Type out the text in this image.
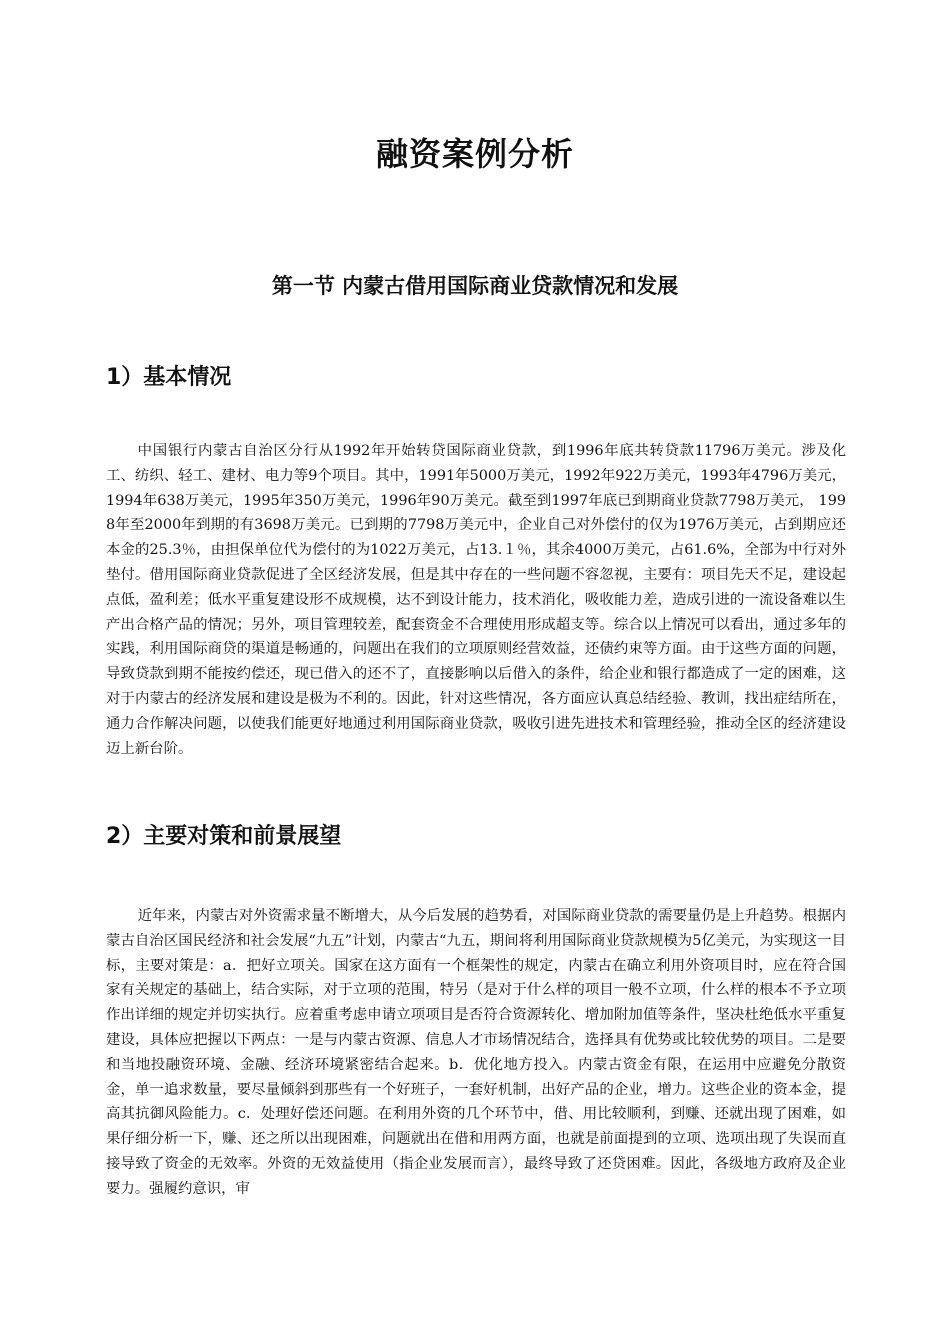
融资案例分析
第一节 内蒙古借用国际商业贷款情况和发展
1）基本情况

中国银行内蒙古自治区分行从1992年开始转贷国际商业贷款，到1996年底共转贷款11796万美元。涉及化工、纺织、轻工、建材、电力等9个项目。其中，1991年5000万美元，1992年922万美元，1993年4796万美元，1994年638万美元，1995年350万美元，1996年90万美元。截至到1997年底已到期商业贷款7798万美元， 1998年至2000年到期的有3698万美元。已到期的7798万美元中，企业自己对外偿付的仅为1976万美元，占到期应还本金的25.3％，由担保单位代为偿付的为1022万美元，占13.１％，其余4000万美元，占61.6%，全部为中行对外垫付。借用国际商业贷款促进了全区经济发展，但是其中存在的一些问题不容忽视，主要有：项目先天不足，建设起点低，盈利差；低水平重复建设形不成规模，达不到设计能力，技术消化，吸收能力差，造成引进的一流设备难以生产出合格产品的情况；另外，项目管理较差，配套资金不合理使用形成超支等。综合以上情况可以看出，通过多年的实践，利用国际商贷的渠道是畅通的，问题出在我们的立项原则经营效益，还债约束等方面。由于这些方面的问题，导致贷款到期不能按约偿还，现已借入的还不了，直接影响以后借入的条件，给企业和银行都造成了一定的困难，这对于内蒙古的经济发展和建设是极为不利的。因此，针对这些情况，各方面应认真总结经验、教训，找出症结所在，通力合作解决问题，以使我们能更好地通过利用国际商业贷款，吸收引进先进技术和管理经验，推动全区的经济建设迈上新台阶。

2）主要对策和前景展望

近年来，内蒙古对外资需求量不断增大，从今后发展的趋势看，对国际商业贷款的需要量仍是上升趋势。根据内蒙古自治区国民经济和社会发展“九五”计划，内蒙古“九五，期间将利用国际商业贷款规模为5亿美元，为实现这一目标，主要对策是：a．把好立项关。国家在这方面有一个框架性的规定，内蒙古在确立利用外资项目时，应在符合国家有关规定的基础上，结合实际，对于立项的范围，特另（是对于什么样的项目一般不立项，什么样的根本不予立项作出详细的规定并切实执行。应着重考虑申请立项项目是否符合资源转化、增加附加值等条件，坚决杜绝低水平重复建设，具体应把握以下两点：一是与内蒙古资源、信息人才市场情况结合，选择具有优势或比较优势的项目。二是要和当地投融资环境、金融、经济环境紧密结合起来。b．优化地方投入。内蒙古资金有限，在运用中应避免分散资金，单一追求数量，要尽量倾斜到那些有一个好班子，一套好机制，出好产品的企业，增力。这些企业的资本金，提高其抗御风险能力。c．处理好偿还问题。在利用外资的几个环节中，借、用比较顺利，到赚、还就出现了困难，如果仔细分析一下，赚、还之所以出现困难，问题就出在借和用两方面，也就是前面提到的立项、选项出现了失误而直接导致了资金的无效率。外资的无效益使用（指企业发展而言），最终导致了还贷困难。因此，各级地方政府及企业要力。强履约意识，审
